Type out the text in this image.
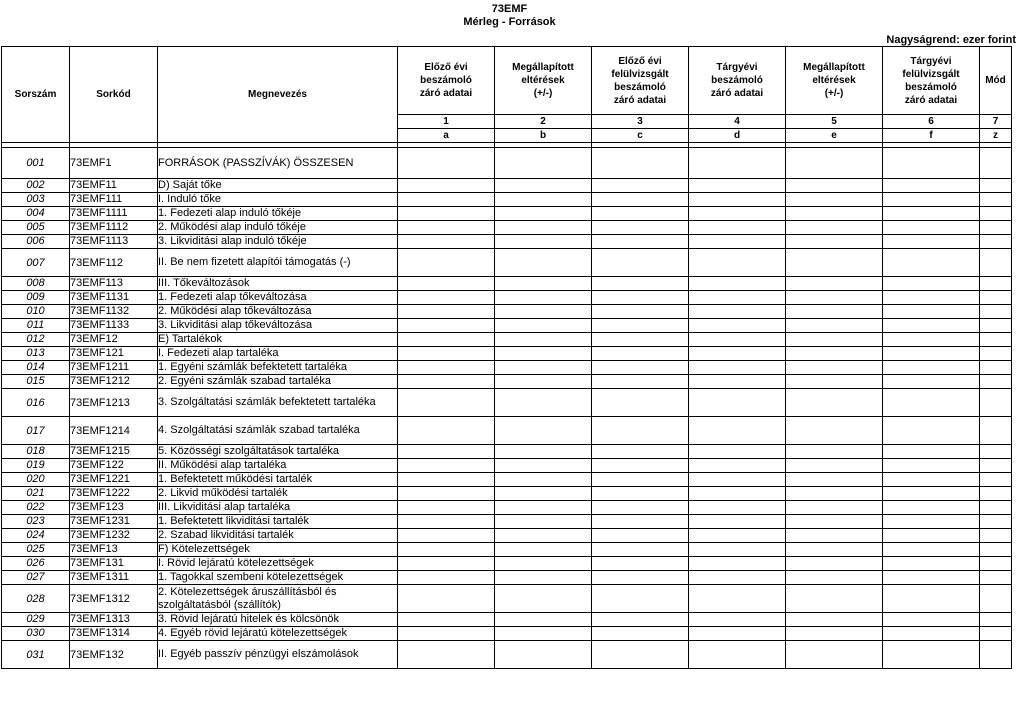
73EMF
Mérleg - Források
Nagyságrend: ezer forint
Sorszám	Sorkód	Megnevezés	Előző évi
beszámoló
záró adatai	Megállapított
eltérések
(+/-)	Előző évi
felülvizsgált
beszámoló
záró adatai	Tárgyévi
beszámoló
záró adatai	Megállapított
eltérések
(+/-)	Tárgyévi
felülvizsgált
beszámoló
záró adatai	Mód

			1	2	3	4	5	6	7
			a	b	c	d	e	f	z

001	73EMF1	FORRÁSOK (PASSZÍVÁK) ÖSSZESEN							
002	73EMF11	D) Saját tőke							
003	73EMF111	I. Induló tőke							
004	73EMF1111	1. Fedezeti alap induló tőkéje							
005	73EMF1112	2. Működési alap induló tőkéje							
006	73EMF1113	3. Likviditási alap induló tőkéje							
007	73EMF112	II. Be nem fizetett alapítói támogatás (-)							
008	73EMF113	III. Tőkeváltozások							
009	73EMF1131	1. Fedezeti alap tőkeváltozása							
010	73EMF1132	2. Működési alap tőkeváltozása							
011	73EMF1133	3. Likviditási alap tőkeváltozása							
012	73EMF12	E) Tartalékok							
013	73EMF121	I. Fedezeti alap tartaléka							
014	73EMF1211	1. Egyéni számlák befektetett tartaléka							
015	73EMF1212	2. Egyéni számlák szabad tartaléka							
016	73EMF1213	3. Szolgáltatási számlák befektetett tartaléka							
017	73EMF1214	4. Szolgáltatási számlák szabad tartaléka							
018	73EMF1215	5. Közösségi szolgáltatások tartaléka							
019	73EMF122	II. Működési alap tartaléka							
020	73EMF1221	1. Befektetett működési tartalék							
021	73EMF1222	2. Likvid működési tartalék							
022	73EMF123	III. Likviditási alap tartaléka							
023	73EMF1231	1. Befektetett likviditási tartalék							
024	73EMF1232	2. Szabad likviditási tartalék							
025	73EMF13	F) Kötelezettségek							
026	73EMF131	I. Rövid lejáratú kötelezettségek							
027	73EMF1311	1. Tagokkal szembeni kötelezettségek							
028	73EMF1312	2. Kötelezettségek áruszállításból és szolgáltatásból (szállítók)							
029	73EMF1313	3. Rövid lejáratú hitelek és kölcsönök							
030	73EMF1314	4. Egyéb rövid lejáratú kötelezettségek							
031	73EMF132	II. Egyéb passzív pénzügyi elszámolások							
